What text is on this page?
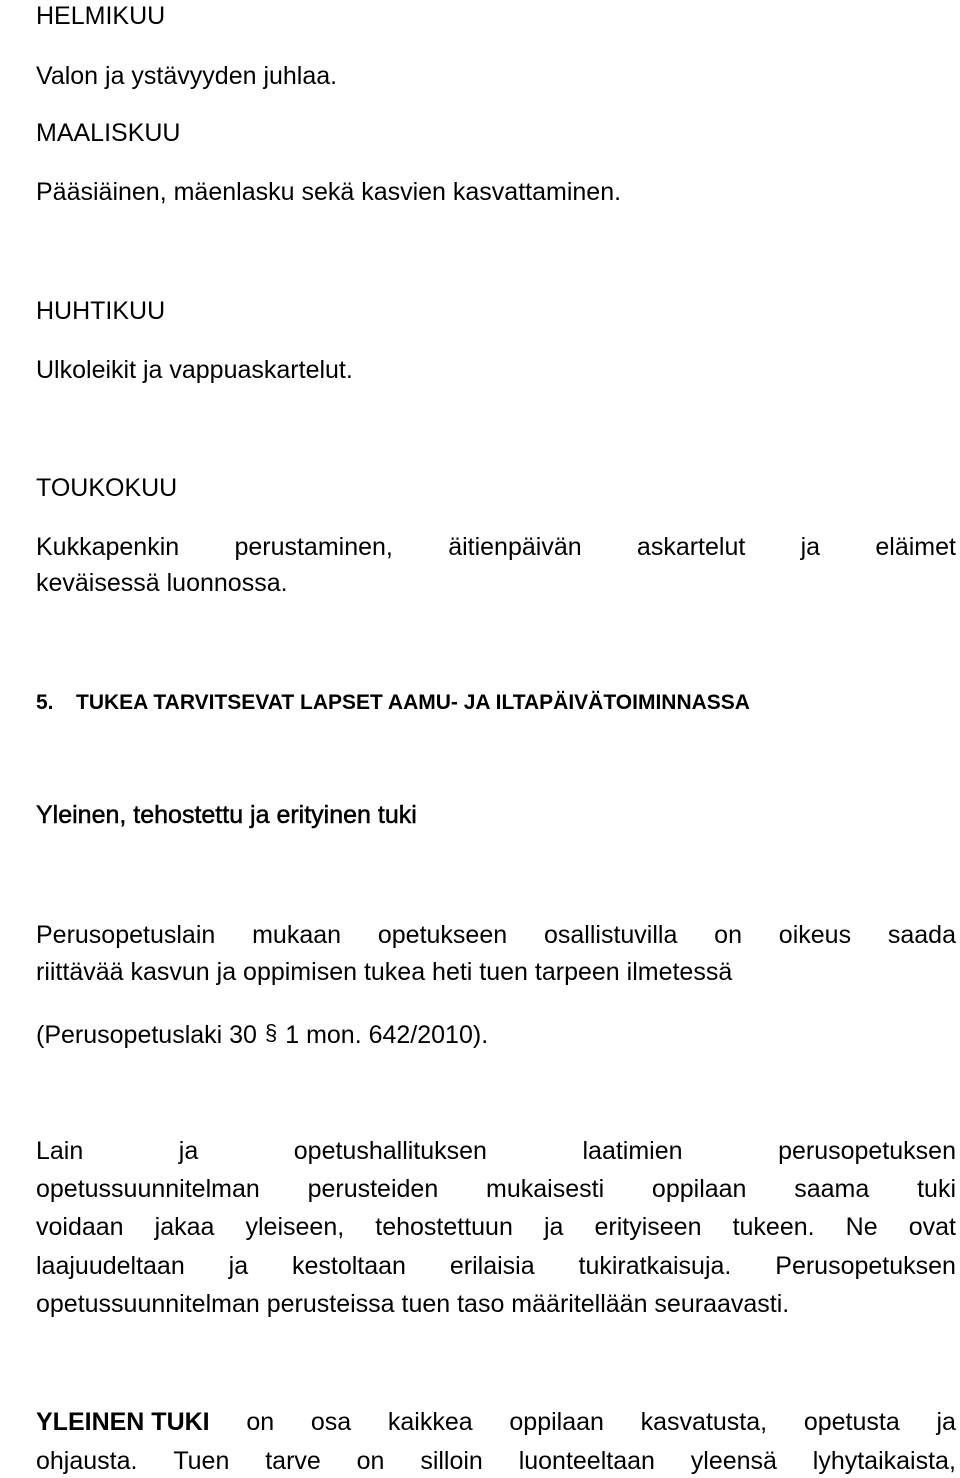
HELMIKUU
Valon ja ystävyyden juhlaa.
MAALISKUU
Pääsiäinen, mäenlasku sekä kasvien kasvattaminen.
HUHTIKUU
Ulkoleikit ja vappuaskartelut.
TOUKOKUU
Kukkapenkin perustaminen, äitienpäivän askartelut ja eläimet
keväisessä luonnossa.
5. TUKEA TARVITSEVAT LAPSET AAMU- JA ILTAPÄIVÄTOIMINNASSA
Yleinen, tehostettu ja erityinen tuki
Perusopetuslain mukaan opetukseen osallistuvilla on oikeus saada
riittävää kasvun ja oppimisen tukea heti tuen tarpeen ilmetessä
(Perusopetuslaki 30 § 1 mon. 642/2010).
Lain	ja	opetushallituksen	laatimien	perusopetuksen
opetussuunnitelman perusteiden mukaisesti oppilaan saama tuki
voidaan jakaa yleiseen, tehostettuun ja erityiseen tukeen. Ne ovat
laajuudeltaan ja kestoltaan erilaisia tukiratkaisuja. Perusopetuksen
opetussuunnitelman perusteissa tuen taso määritellään seuraavasti.
YLEINEN TUKI on osa kaikkea oppilaan kasvatusta, opetusta ja
ohjausta. Tuen tarve on silloin luonteeltaan yleensä lyhytaikaista,
